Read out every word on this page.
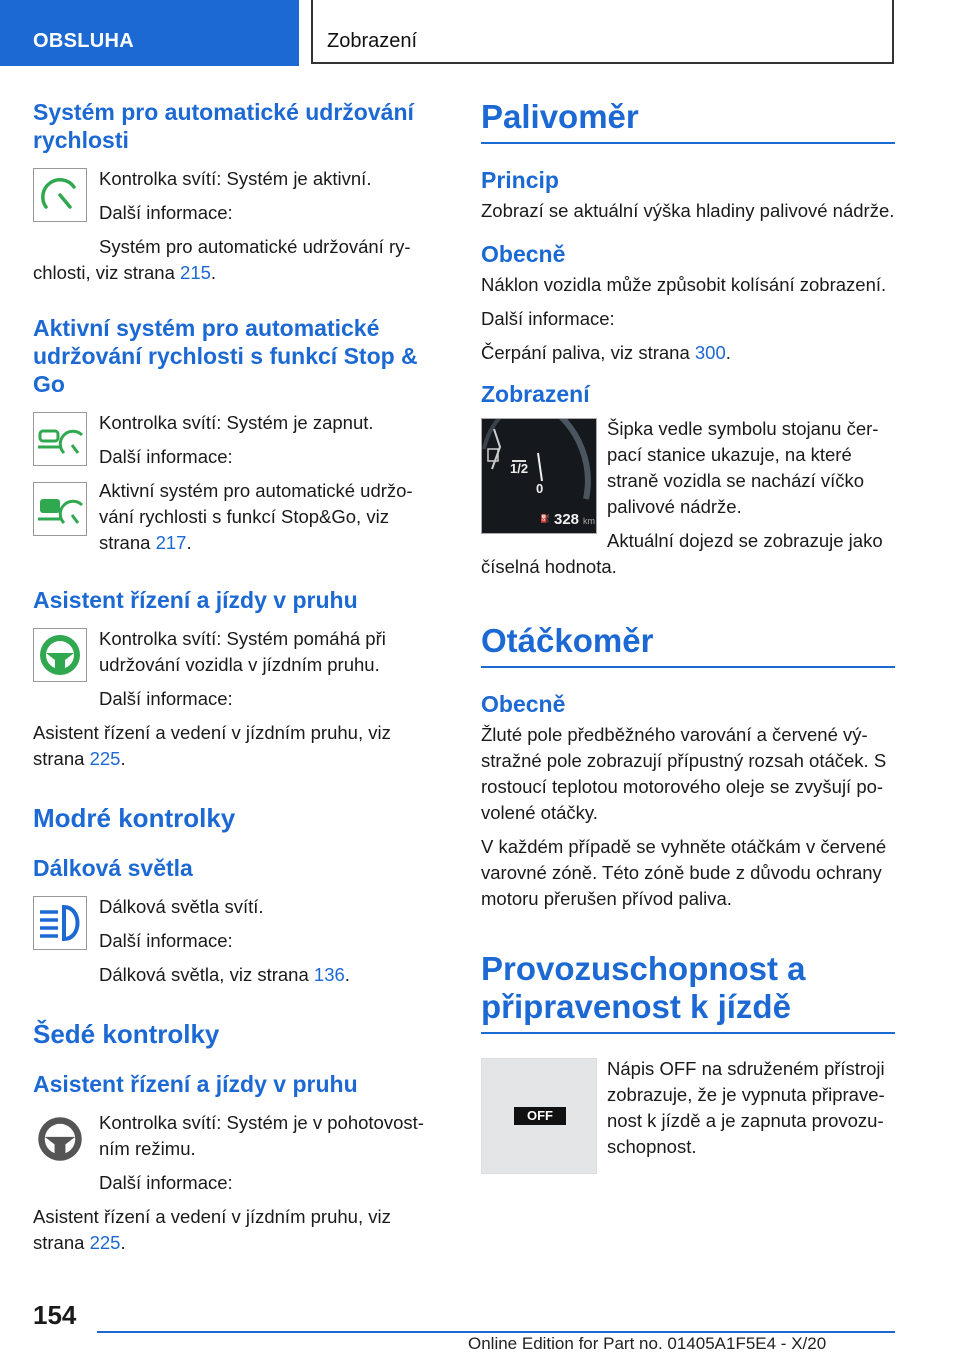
OBSLUHA	Zobrazení
Systém pro automatické udržování rychlosti

Kontrolka svítí: Systém je aktivní.

Další informace:

Systém pro automatické udržování ry-chlosti, viz strana 215.

Aktivní systém pro automatické udržování rychlosti s funkcí Stop & Go

Kontrolka svítí: Systém je zapnut.

Další informace:

Aktivní systém pro automatické udržo-vání rychlosti s funkcí Stop&Go, viz strana 217.

Asistent řízení a jízdy v pruhu

Kontrolka svítí: Systém pomáhá při udržování vozidla v jízdním pruhu.

Další informace:

Asistent řízení a vedení v jízdním pruhu, viz strana 225.

Modré kontrolky
Dálková světla

Dálková světla svítí.

Další informace:

Dálková světla, viz strana 136.

Šedé kontrolky
Asistent řízení a jízdy v pruhu

Kontrolka svítí: Systém je v pohotovost-ním režimu.

Další informace:

Asistent řízení a vedení v jízdním pruhu, viz strana 225.

Palivoměr
Princip

Zobrazí se aktuální výška hladiny palivové nádrže.

Obecně

Náklon vozidla může způsobit kolísání zobrazení.

Další informace:

Čerpání paliva, viz strana 300.

Zobrazení
⛽
1/2
0
328 km

Šipka vedle symbolu stojanu čer-pací stanice ukazuje, na které straně vozidla se nachází víčko palivové nádrže.

Aktuální dojezd se zobrazuje jako číselná hodnota.

Otáčkoměr
Obecně

Žluté pole předběžného varování a červené vý-stražné pole zobrazují přípustný rozsah otáček. S rostoucí teplotou motorového oleje se zvyšují po-volené otáčky.

V každém případě se vyhněte otáčkám v červené varovné zóně. Této zóně bude z důvodu ochrany motoru přerušen přívod paliva.

Provozuschopnost a připravenost k jízdě
OFF

Nápis OFF na sdruženém přístroji zobrazuje, že je vypnuta připrave-nost k jízdě a je zapnuta provozu-schopnost.

154
Online Edition for Part no. 01405A1F5E4 - X/20
